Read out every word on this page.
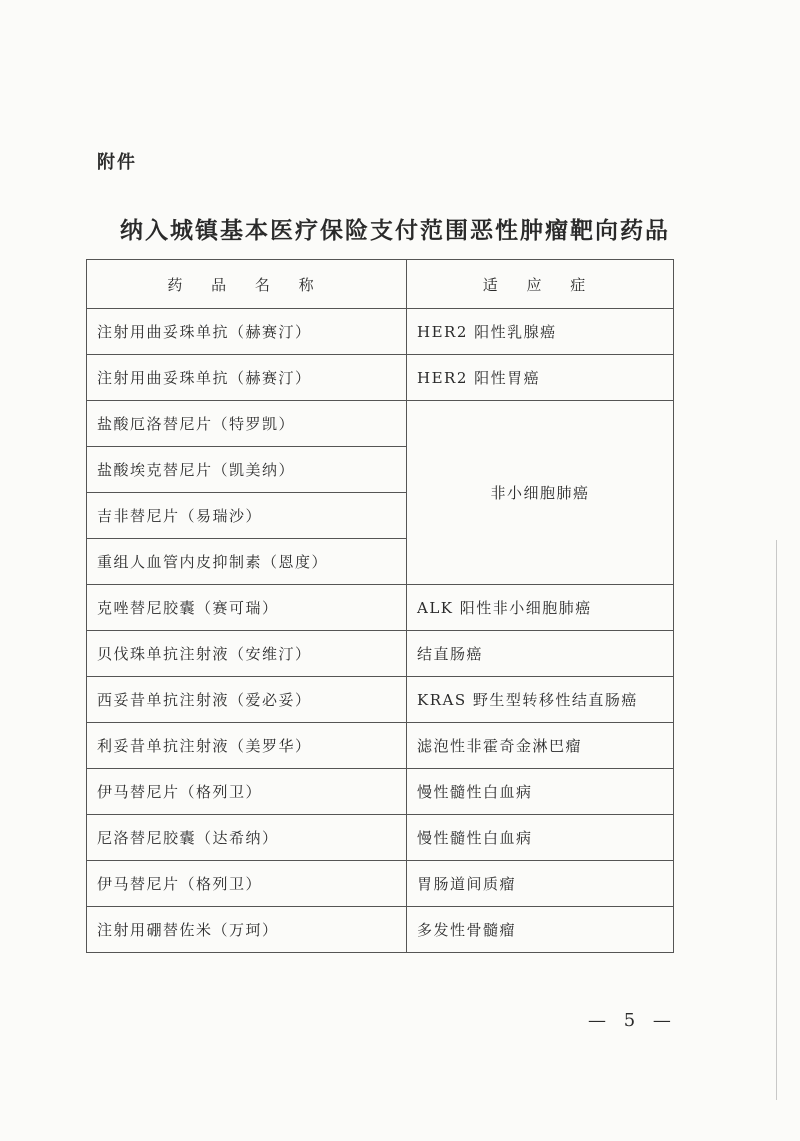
附件
纳入城镇基本医疗保险支付范围恶性肿瘤靶向药品
药 品 名 称	适 应 症
注射用曲妥珠单抗（赫赛汀）	HER2 阳性乳腺癌
注射用曲妥珠单抗（赫赛汀）	HER2 阳性胃癌
盐酸厄洛替尼片（特罗凯）	非小细胞肺癌
盐酸埃克替尼片（凯美纳）	
吉非替尼片（易瑞沙）	
重组人血管内皮抑制素（恩度）	
克唑替尼胶囊（赛可瑞）	ALK 阳性非小细胞肺癌
贝伐珠单抗注射液（安维汀）	结直肠癌
西妥昔单抗注射液（爱必妥）	KRAS 野生型转移性结直肠癌
利妥昔单抗注射液（美罗华）	滤泡性非霍奇金淋巴瘤
伊马替尼片（格列卫）	慢性髓性白血病
尼洛替尼胶囊（达希纳）	慢性髓性白血病
伊马替尼片（格列卫）	胃肠道间质瘤
注射用硼替佐米（万珂）	多发性骨髓瘤
— 5 —
